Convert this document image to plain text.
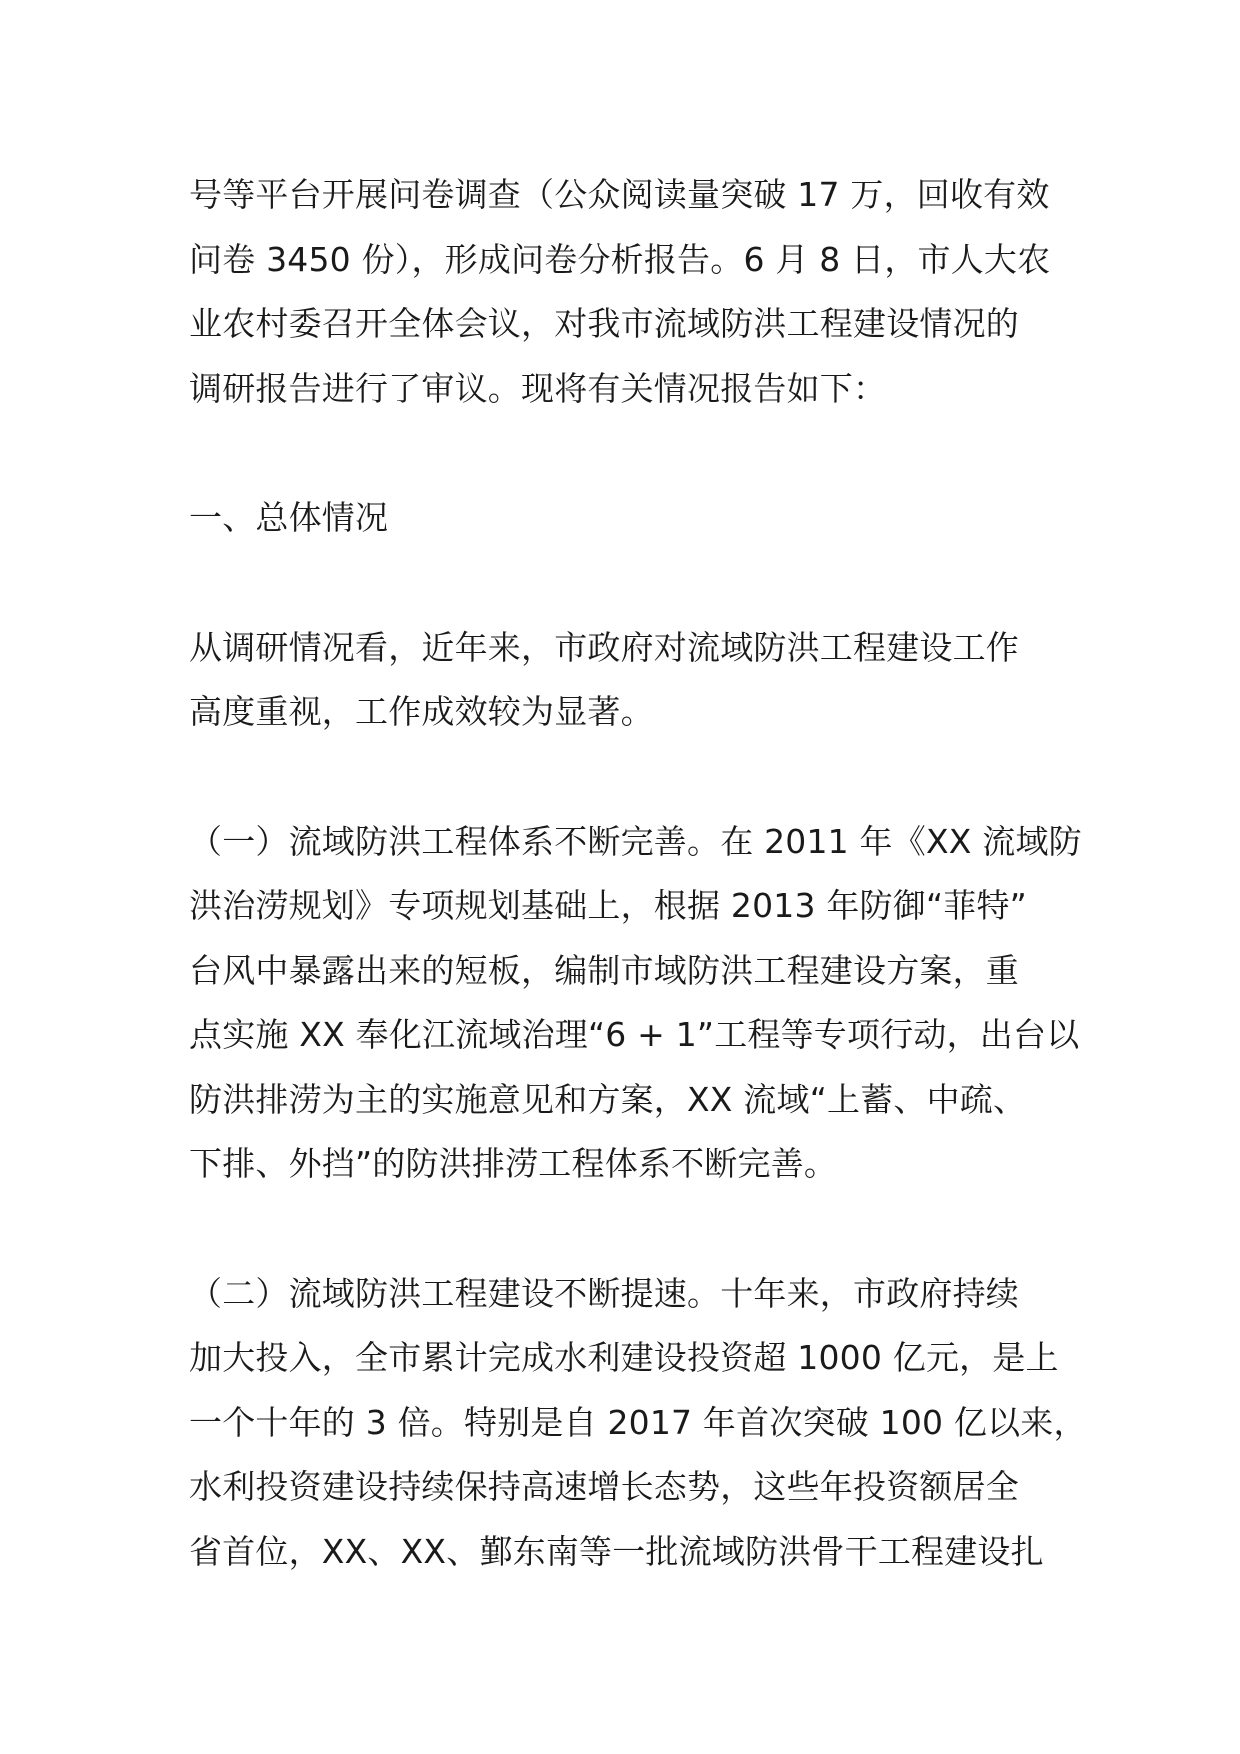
号等平台开展问卷调查（公众阅读量突破 17 万，回收有效
问卷 3450 份），形成问卷分析报告。6 月 8 日，市人大农
业农村委召开全体会议，对我市流域防洪工程建设情况的
调研报告进行了审议。现将有关情况报告如下：
一、总体情况
从调研情况看，近年来，市政府对流域防洪工程建设工作
高度重视，工作成效较为显著。
（一）流域防洪工程体系不断完善。在 2011 年《XX 流域防
洪治涝规划》专项规划基础上，根据 2013 年防御“菲特”
台风中暴露出来的短板，编制市域防洪工程建设方案，重
点实施 XX 奉化江流域治理“6 + 1”工程等专项行动，出台以
防洪排涝为主的实施意见和方案，XX 流域“上蓄、中疏、
下排、外挡”的防洪排涝工程体系不断完善。
（二）流域防洪工程建设不断提速。十年来，市政府持续
加大投入，全市累计完成水利建设投资超 1000 亿元，是上
一个十年的 3 倍。特别是自 2017 年首次突破 100 亿以来，
水利投资建设持续保持高速增长态势，这些年投资额居全
省首位，XX、XX、鄞东南等一批流域防洪骨干工程建设扎
